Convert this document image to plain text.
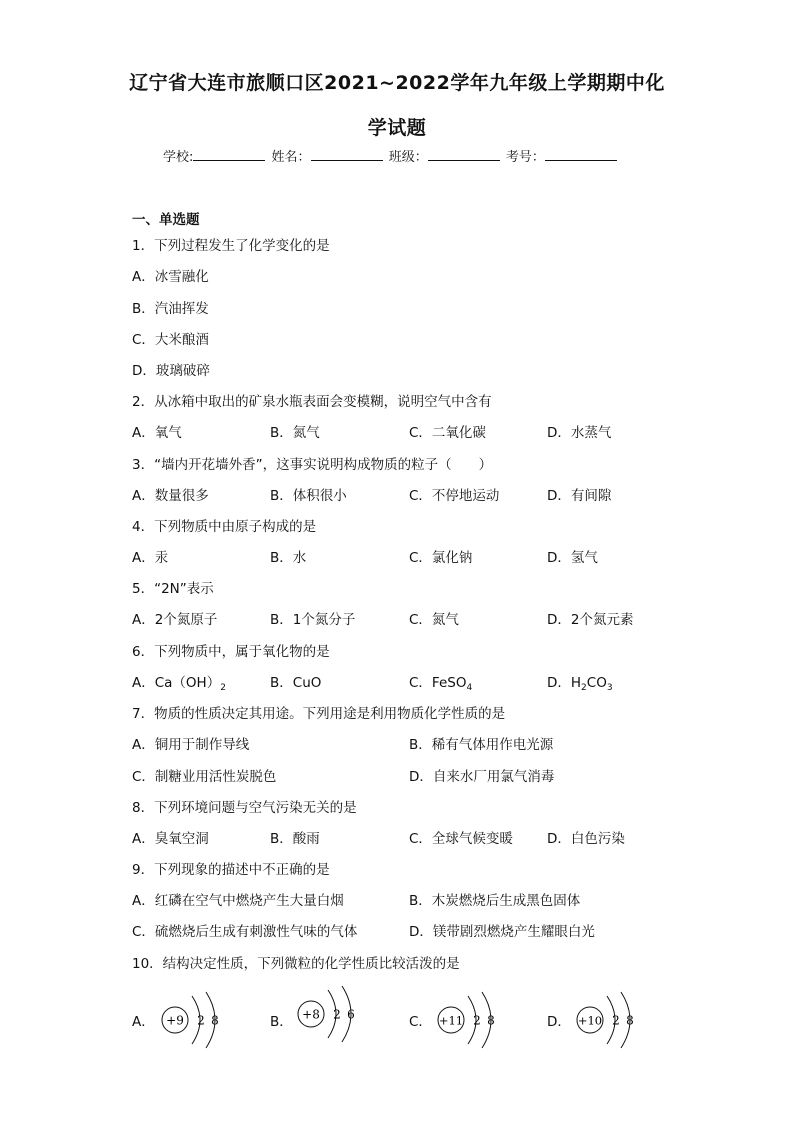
辽宁省大连市旅顺口区2021~2022学年九年级上学期期中化
学试题
学校:	姓名：	班级：	考号：
一、单选题
1．下列过程发生了化学变化的是
A．冰雪融化
B．汽油挥发
C．大米酿酒
D．玻璃破碎
2．从冰箱中取出的矿泉水瓶表面会变模糊，说明空气中含有
A．氧气	B．氮气	C．二氧化碳	D．水蒸气
3．“墙内开花墙外香”，这事实说明构成物质的粒子（　　）
A．数量很多	B．体积很小	C．不停地运动	D．有间隙
4．下列物质中由原子构成的是
A．汞	B．水	C．氯化钠	D．氢气
5．“2N”表示
A．2个氮原子	B．1个氮分子	C．氮气	D．2个氮元素
6．下列物质中，属于氧化物的是
A．$Ca(OH)_2$	B．CuO	C．FeSO$_4$	D．$H_2CO_3$
7．物质的性质决定其用途。下列用途是利用物质化学性质的是
A．铜用于制作导线	B．稀有气体用作电光源
C．制糖业用活性炭脱色	D．自来水厂用氯气消毒
8．下列环境问题与空气污染无关的是
A．臭氧空洞	B．酸雨	C．全球气候变暖	D．白色污染
9．下列现象的描述中不正确的是
A．红磷在空气中燃烧产生大量白烟	B．木炭燃烧后生成黑色固体
C．硫燃烧后生成有刺激性气味的气体	D．镁带剧烈燃烧产生耀眼白光
10．结构决定性质，下列微粒的化学性质比较活泼的是
A．	B．	C．	D．
+9 2 8	+8 2 6	+11 2 8	+10 2 8
